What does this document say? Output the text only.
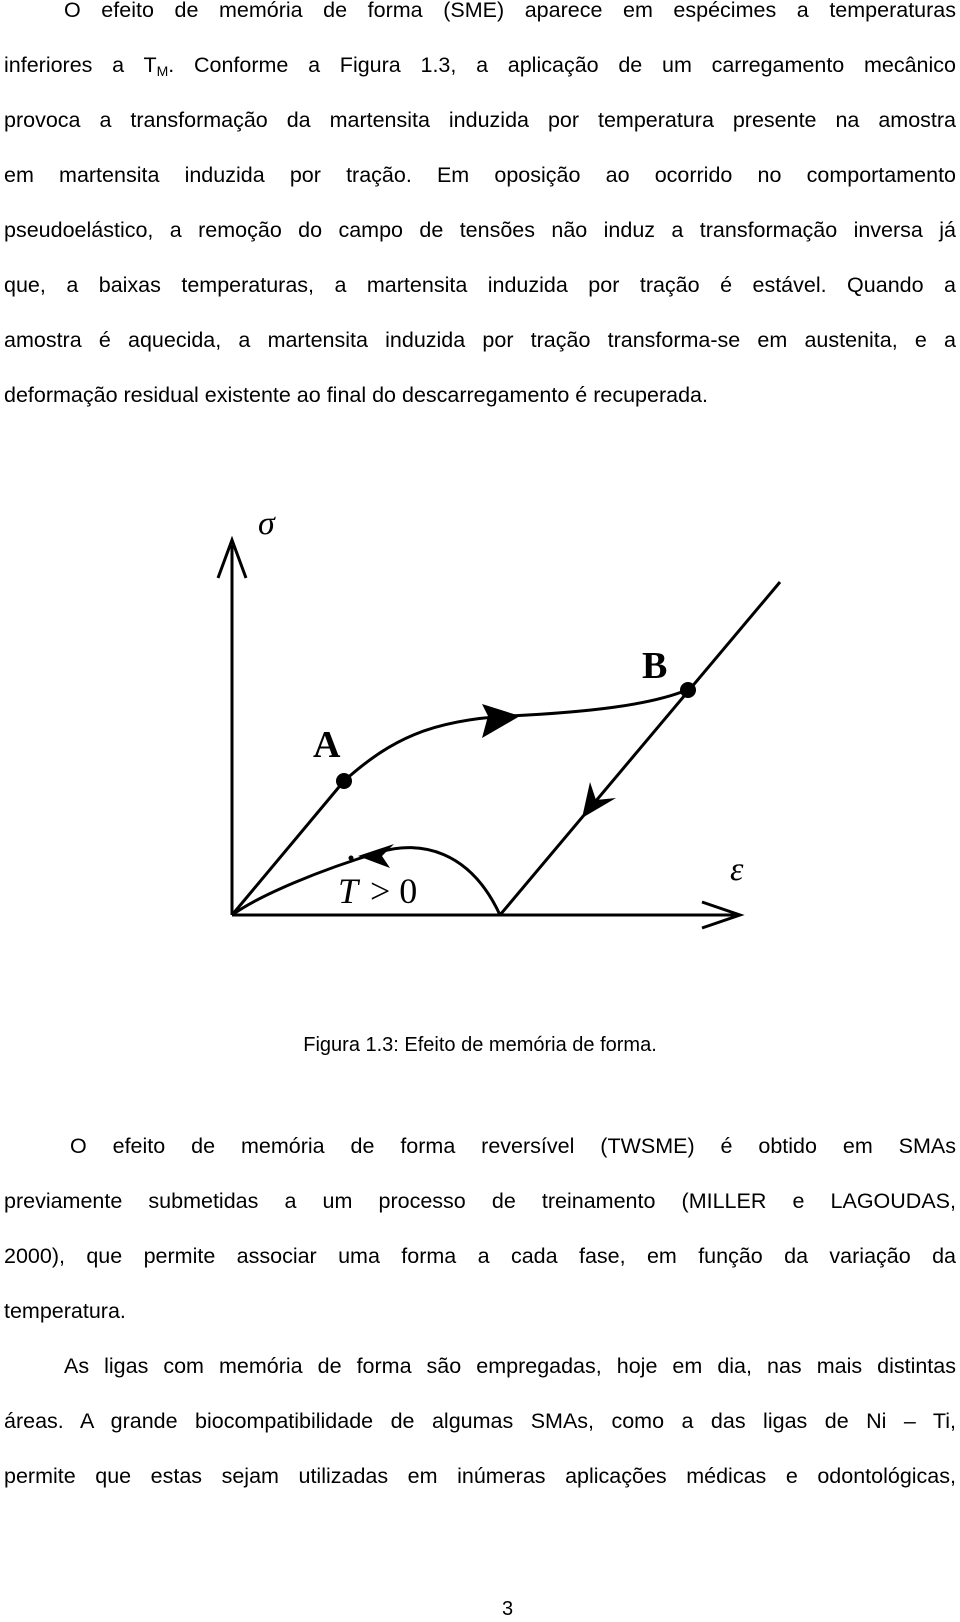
O efeito de memória de forma (SME) aparece em espécimes a temperaturas
inferiores a $T_M$. Conforme a Figura 1.3, a aplicação de um carregamento mecânico
provoca a transformação da martensita induzida por temperatura presente na amostra
em martensita induzida por tração. Em oposição ao ocorrido no comportamento
pseudoelástico, a remoção do campo de tensões não induz a transformação inversa já
que, a baixas temperaturas, a martensita induzida por tração é estável. Quando a
amostra é aquecida, a martensita induzida por tração transforma-se em austenita, e a
deformação residual existente ao final do descarregamento é recuperada.
σ
ε
A
B
T > 0

Figura 1.3: Efeito de memória de forma.

O efeito de memória de forma reversível (TWSME) é obtido em SMAs
previamente submetidas a um processo de treinamento (MILLER e LAGOUDAS,
2000), que permite associar uma forma a cada fase, em função da variação da
temperatura.
As ligas com memória de forma são empregadas, hoje em dia, nas mais distintas
áreas. A grande biocompatibilidade de algumas SMAs, como a das ligas de Ni – Ti,
permite que estas sejam utilizadas em inúmeras aplicações médicas e odontológicas,
3
